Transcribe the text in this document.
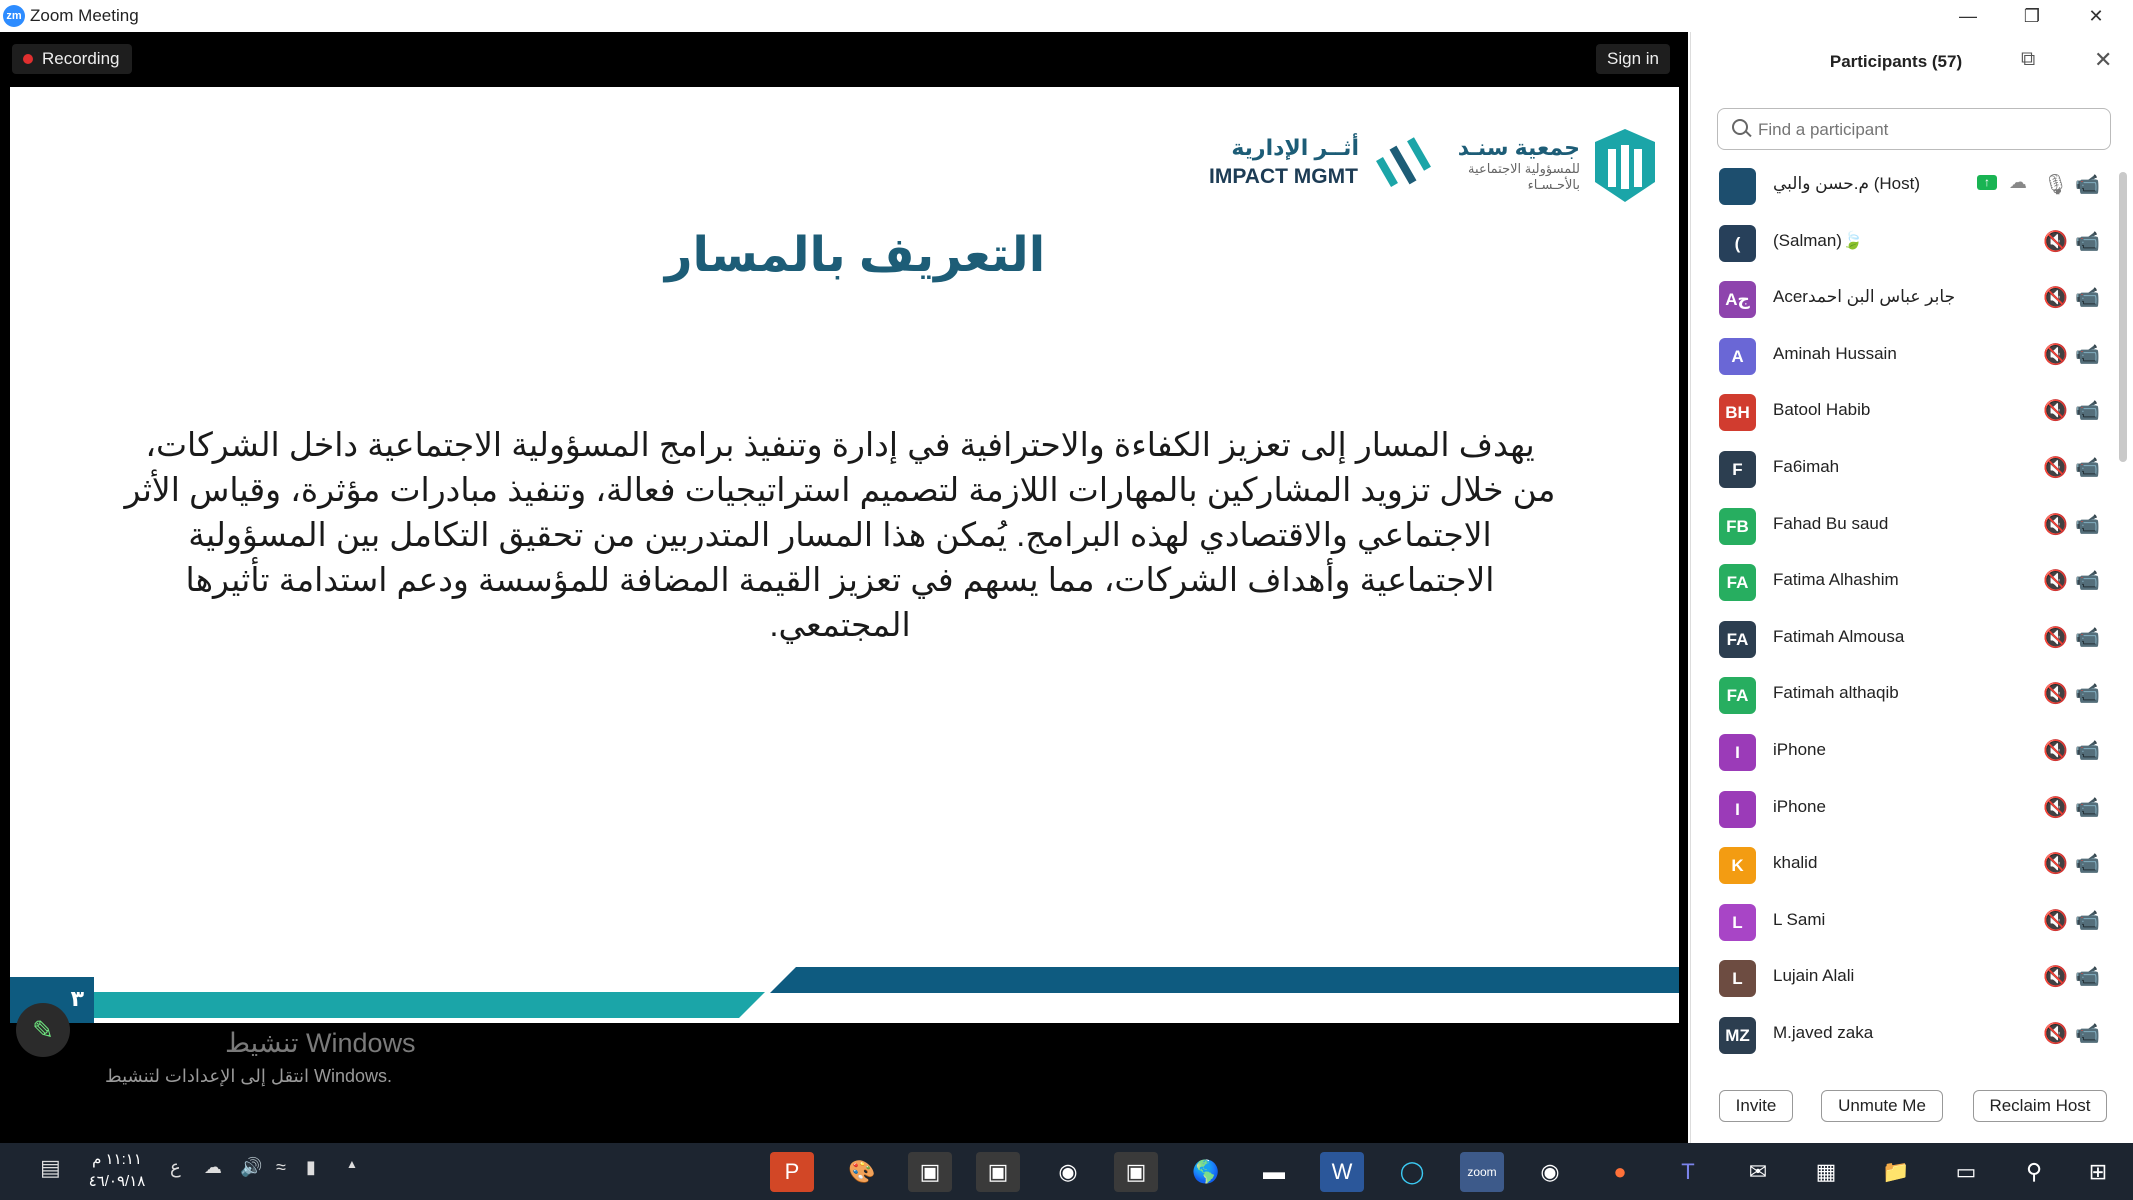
zm Zoom Meeting	—	❐	✕
Recording	Sign in
جمعية سنـد
للمسؤولية الاجتماعية
بالأحـسـاء
أثــر الإدارية
IMPACT MGMT
التعريف بالمسار
يهدف المسار إلى تعزيز الكفاءة والاحترافية في إدارة وتنفيذ برامج المسؤولية الاجتماعية داخل الشركات، من خلال تزويد المشاركين بالمهارات اللازمة لتصميم استراتيجيات فعالة، وتنفيذ مبادرات مؤثرة، وقياس الأثر الاجتماعي والاقتصادي لهذه البرامج. يُمكن هذا المسار المتدربين من تحقيق التكامل بين المسؤولية الاجتماعية وأهداف الشركات، مما يسهم في تعزيز القيمة المضافة للمؤسسة ودعم استدامة تأثيرها المجتمعي.
٣
✎	تنشيط Windows
انتقل إلى الإعدادات لتنشيط Windows.
Participants (57)	⧉	✕
Find a participant
م.حسن والبي (Host)	↑	☁ 🎙 📹
(	(Salman)🍃	🔇 📹
Aج	Acerجابر عباس البن احمد	🔇 📹
A	Aminah Hussain	🔇 📹
BH	Batool Habib	🔇 📹
F	Fa6imah	🔇 📹
FB	Fahad Bu saud	🔇 📹
FA	Fatima Alhashim	🔇 📹
FA	Fatimah Almousa	🔇 📹
FA	Fatimah althaqib	🔇 📹
I	iPhone	🔇 📹
I	iPhone	🔇 📹
K	khalid	🔇 📹
L	L Sami	🔇 📹
L	Lujain Alali	🔇 📹
MZ	M.javed zaka	🔇 📹
Invite	Unmute Me	Reclaim Host
▤	١١:١١ م
٤٦/٠٩/١٨
ع ☁ 🔊 ≈ ▮	▲	P	🎨	▣	▣	◉	▣	🌎	▬	W	◯	zoom	◉	●	T	✉	▦	📁	▭	⚲	⊞
